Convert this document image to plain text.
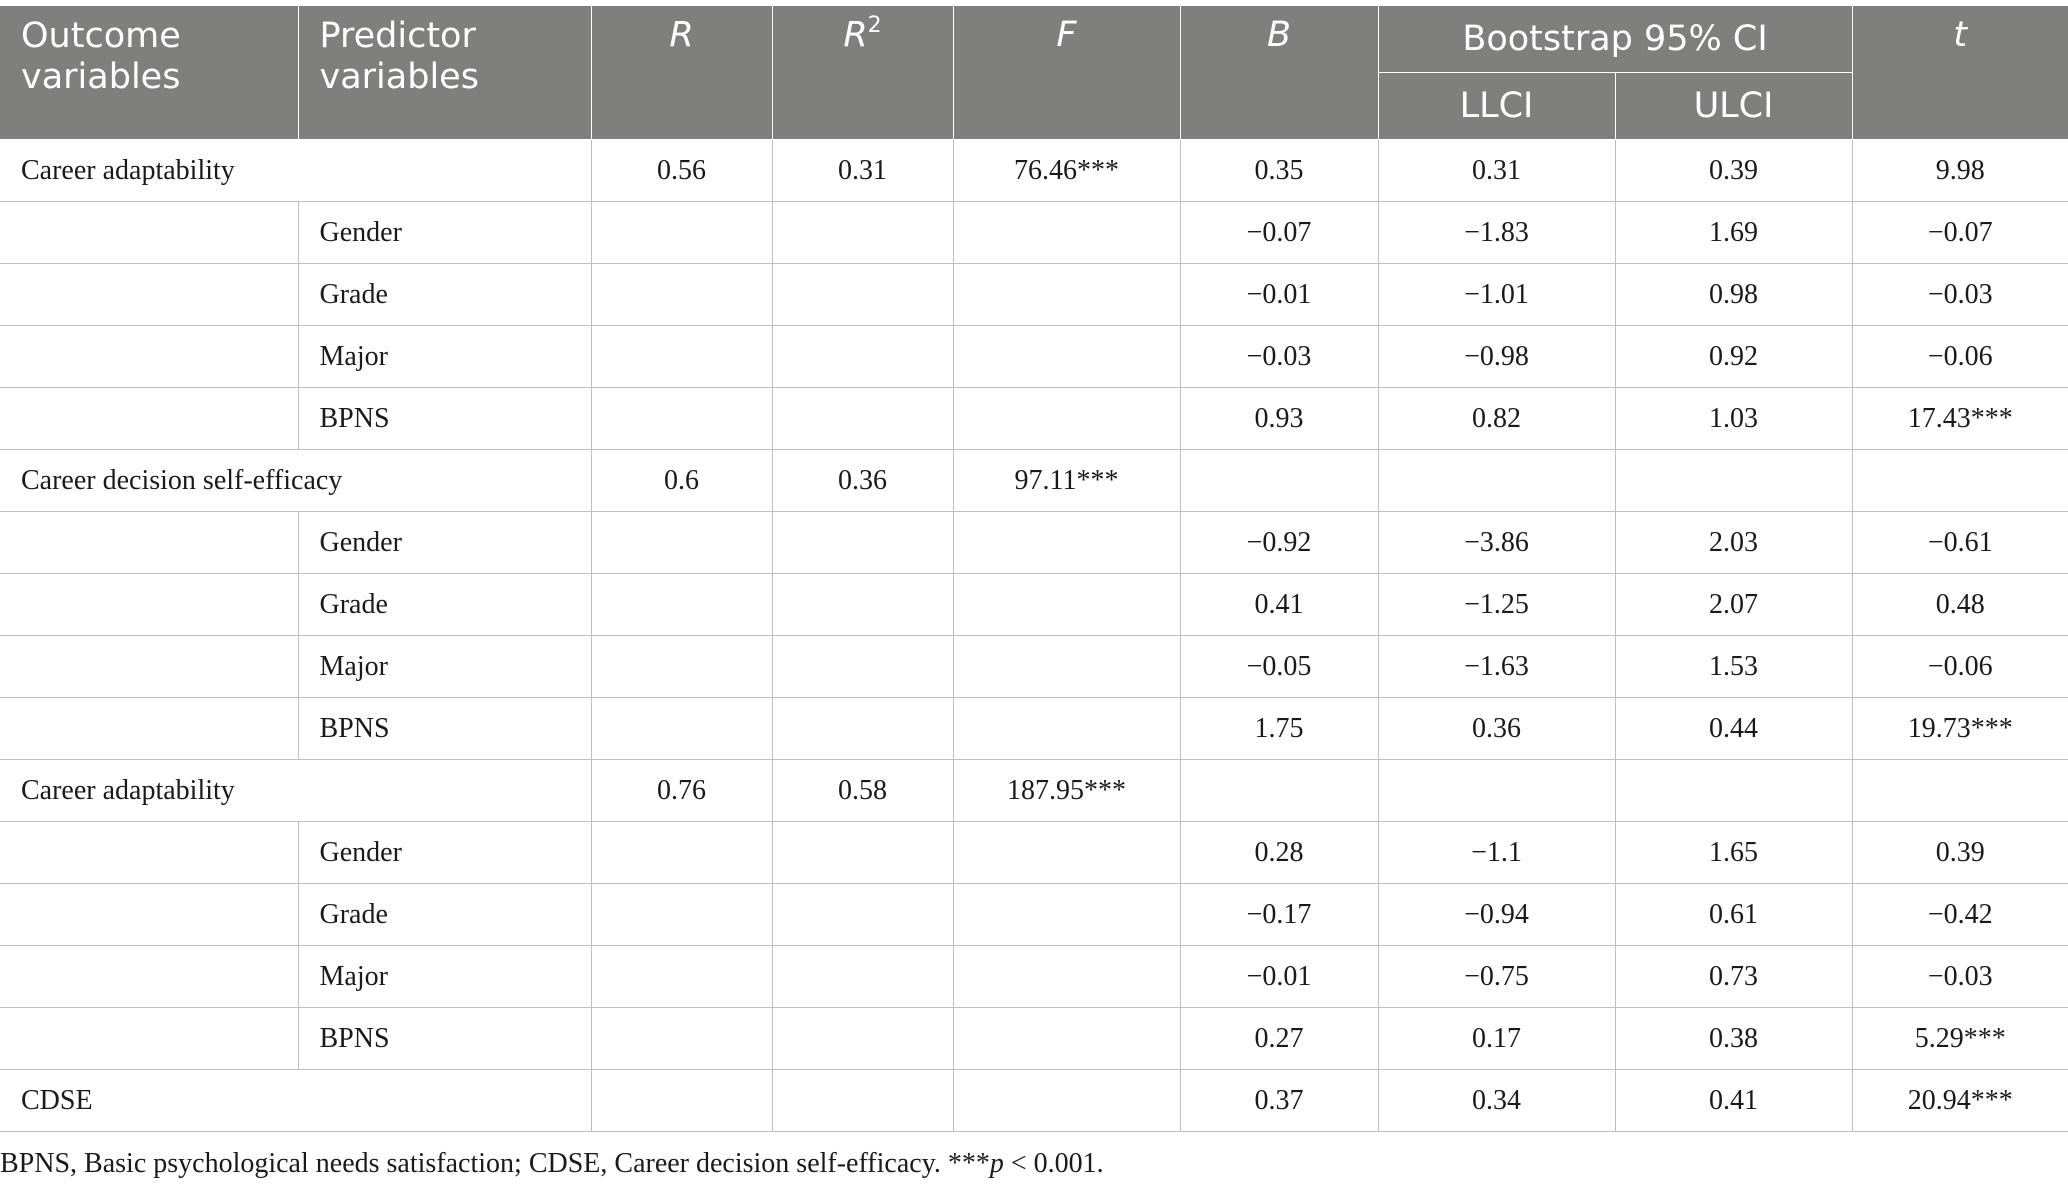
Outcome variables	Predictor variables	R	$R^2$	F	B	Bootstrap 95% CI		t
						LLCI	ULCI	
Career adaptability		0.56	0.31	76.46***	0.35	0.31	0.39	9.98
	Gender				−0.07	−1.83	1.69	−0.07
	Grade				−0.01	−1.01	0.98	−0.03
	Major				−0.03	−0.98	0.92	−0.06
	BPNS				0.93	0.82	1.03	17.43***
Career decision self-efficacy		0.6	0.36	97.11***				
	Gender				−0.92	−3.86	2.03	−0.61
	Grade				0.41	−1.25	2.07	0.48
	Major				−0.05	−1.63	1.53	−0.06
	BPNS				1.75	0.36	0.44	19.73***
Career adaptability		0.76	0.58	187.95***				
	Gender				0.28	−1.1	1.65	0.39
	Grade				−0.17	−0.94	0.61	−0.42
	Major				−0.01	−0.75	0.73	−0.03
	BPNS				0.27	0.17	0.38	5.29***
CDSE					0.37	0.34	0.41	20.94***
BPNS, Basic psychological needs satisfaction; CDSE, Career decision self-efficacy. ***p < 0.001.
